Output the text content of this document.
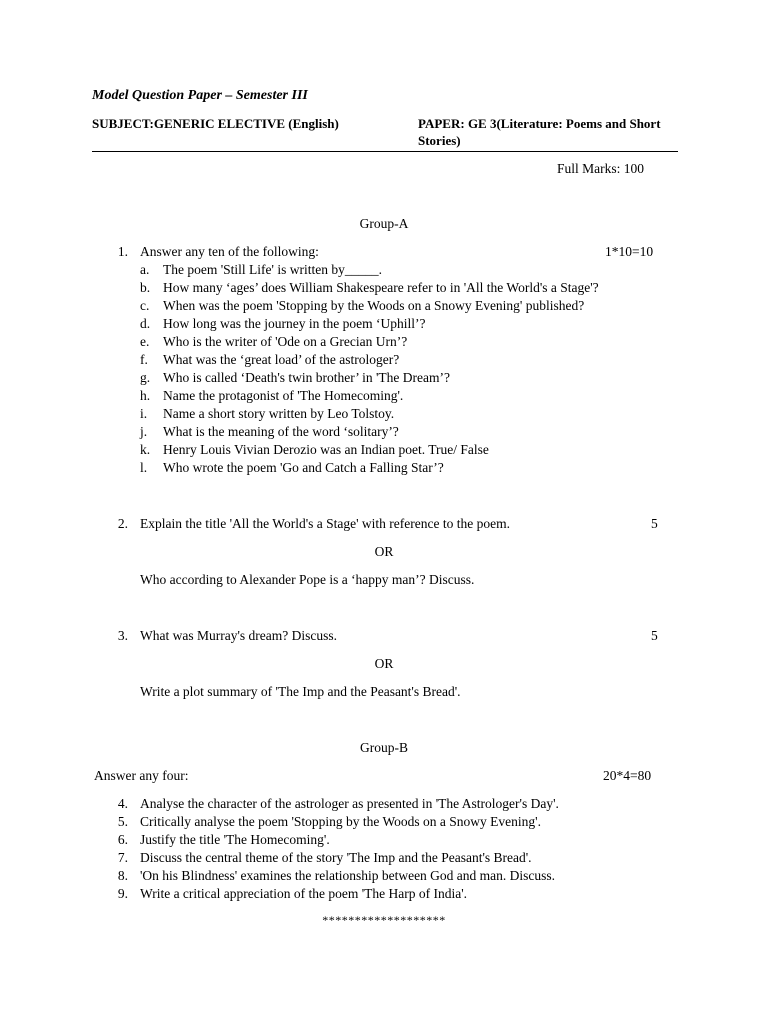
Model Question Paper – Semester III
SUBJECT:GENERIC ELECTIVE (English)	PAPER: GE 3(Literature: Poems and Short Stories)
Full Marks: 100
Group-A
1. Answer any ten of the following:	1*10=10
a.	The poem 'Still Life' is written by_____.
b. How many ‘ages’ does William Shakespeare refer to in 'All the World's a Stage'?
c.	When was the poem 'Stopping by the Woods on a Snowy Evening' published?
d. How long was the journey in the poem ‘Uphill’?
e.	Who is the writer of 'Ode on a Grecian Urn’?
f.	What was the ‘great load’ of the astrologer?
g. Who is called ‘Death's twin brother’ in 'The Dream’?
h. Name the protagonist of 'The Homecoming'.
i.	Name a short story written by Leo Tolstoy.
j.	What is the meaning of the word ‘solitary’?
k. Henry Louis Vivian Derozio was an Indian poet. True/ False
l.	Who wrote the poem 'Go and Catch a Falling Star’?
2. Explain the title 'All the World's a Stage' with reference to the poem.	5
OR
Who according to Alexander Pope is a ‘happy man’? Discuss.
3. What was Murray's dream? Discuss.	5
OR
Write a plot summary of 'The Imp and the Peasant's Bread'.
Group-B
Answer any four:	20*4=80
4. Analyse the character of the astrologer as presented in 'The Astrologer's Day'.
5. Critically analyse the poem 'Stopping by the Woods on a Snowy Evening'.
6. Justify the title 'The Homecoming'.
7. Discuss the central theme of the story 'The Imp and the Peasant's Bread'.
8. 'On his Blindness' examines the relationship between God and man. Discuss.
9. Write a critical appreciation of the poem 'The Harp of India'.
*******************
